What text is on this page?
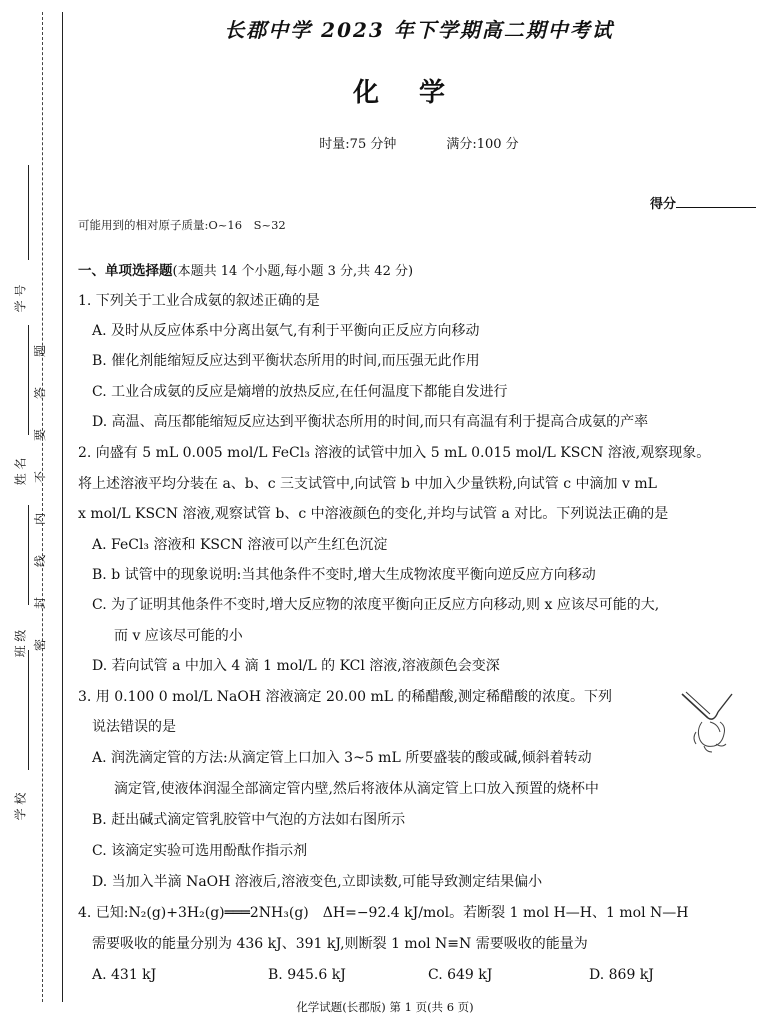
学 号
姓 名
班 级
学 校
题
答
要
不
内
线
封
密
长郡中学 2023 年下学期高二期中考试
化学
时量:75 分钟	满分:100 分
得分
可能用到的相对原子质量:O~16　S~32
一、单项选择题(本题共 14 个小题,每小题 3 分,共 42 分)
1. 下列关于工业合成氨的叙述正确的是
A. 及时从反应体系中分离出氨气,有利于平衡向正反应方向移动
B. 催化剂能缩短反应达到平衡状态所用的时间,而压强无此作用
C. 工业合成氨的反应是熵增的放热反应,在任何温度下都能自发进行
D. 高温、高压都能缩短反应达到平衡状态所用的时间,而只有高温有利于提高合成氨的产率
2. 向盛有 5 mL 0.005 mol/L FeCl₃ 溶液的试管中加入 5 mL 0.015 mol/L KSCN 溶液,观察现象。
将上述溶液平均分装在 a、b、c 三支试管中,向试管 b 中加入少量铁粉,向试管 c 中滴加 v mL
x mol/L KSCN 溶液,观察试管 b、c 中溶液颜色的变化,并均与试管 a 对比。下列说法正确的是
A. FeCl₃ 溶液和 KSCN 溶液可以产生红色沉淀
B. b 试管中的现象说明:当其他条件不变时,增大生成物浓度平衡向逆反应方向移动
C. 为了证明其他条件不变时,增大反应物的浓度平衡向正反应方向移动,则 x 应该尽可能的大,
而 v 应该尽可能的小
D. 若向试管 a 中加入 4 滴 1 mol/L 的 KCl 溶液,溶液颜色会变深
3. 用 0.100 0 mol/L NaOH 溶液滴定 20.00 mL 的稀醋酸,测定稀醋酸的浓度。下列
说法错误的是
A. 润洗滴定管的方法:从滴定管上口加入 3~5 mL 所要盛装的酸或碱,倾斜着转动
滴定管,使液体润湿全部滴定管内壁,然后将液体从滴定管上口放入预置的烧杯中
B. 赶出碱式滴定管乳胶管中气泡的方法如右图所示
C. 该滴定实验可选用酚酞作指示剂
D. 当加入半滴 NaOH 溶液后,溶液变色,立即读数,可能导致测定结果偏小
4. 已知:N₂(g)+3H₂(g)═══2NH₃(g)　ΔH=−92.4 kJ/mol。若断裂 1 mol H—H、1 mol N—H
需要吸收的能量分别为 436 kJ、391 kJ,则断裂 1 mol N≡N 需要吸收的能量为
A. 431 kJ	B. 945.6 kJ	C. 649 kJ	D. 869 kJ
化学试题(长郡版) 第 1 页(共 6 页)
